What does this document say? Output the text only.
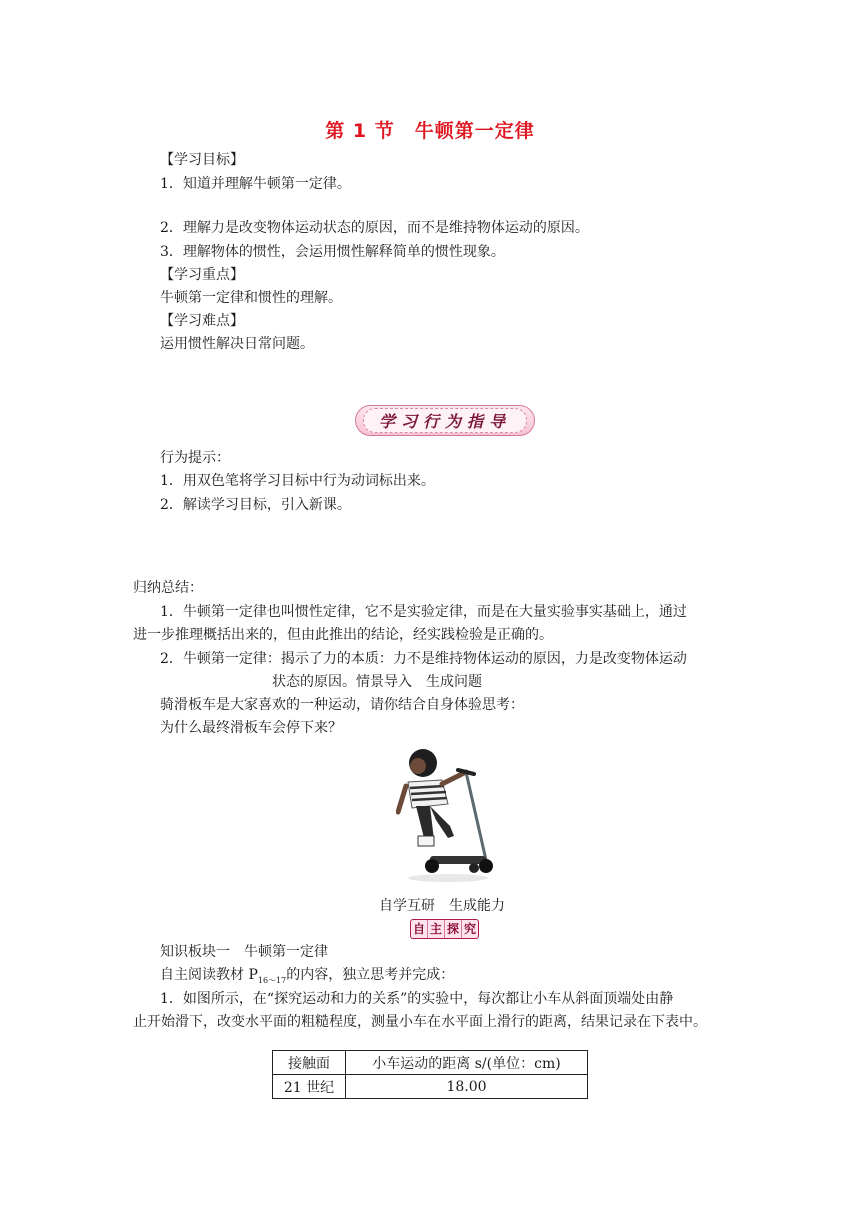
第 1 节　牛顿第一定律
【学习目标】
1．知道并理解牛顿第一定律。
2．理解力是改变物体运动状态的原因，而不是维持物体运动的原因。
3．理解物体的惯性，会运用惯性解释简单的惯性现象。
【学习重点】
牛顿第一定律和惯性的理解。
【学习难点】
运用惯性解决日常问题。
学习行为指导
行为提示：
1．用双色笔将学习目标中行为动词标出来。
2．解读学习目标，引入新课。
归纳总结：
1．牛顿第一定律也叫惯性定律，它不是实验定律，而是在大量实验事实基础上，通过
进一步推理概括出来的，但由此推出的结论，经实践检验是正确的。
2．牛顿第一定律：揭示了力的本质：力不是维持物体运动的原因，力是改变物体运动
状态的原因。情景导入　生成问题
骑滑板车是大家喜欢的一种运动，请你结合自身体验思考：
为什么最终滑板车会停下来？
自学互研　生成能力
自 主 探 究
知识板块一　牛顿第一定律
自主阅读教材 $P_{16\sim 17}$的内容，独立思考并完成：
1．如图所示，在“探究运动和力的关系”的实验中，每次都让小车从斜面顶端处由静
止开始滑下，改变水平面的粗糙程度，测量小车在水平面上滑行的距离，结果记录在下表中。
接触面	小车运动的距离 s/(单位：cm)
21 世纪	18.00
